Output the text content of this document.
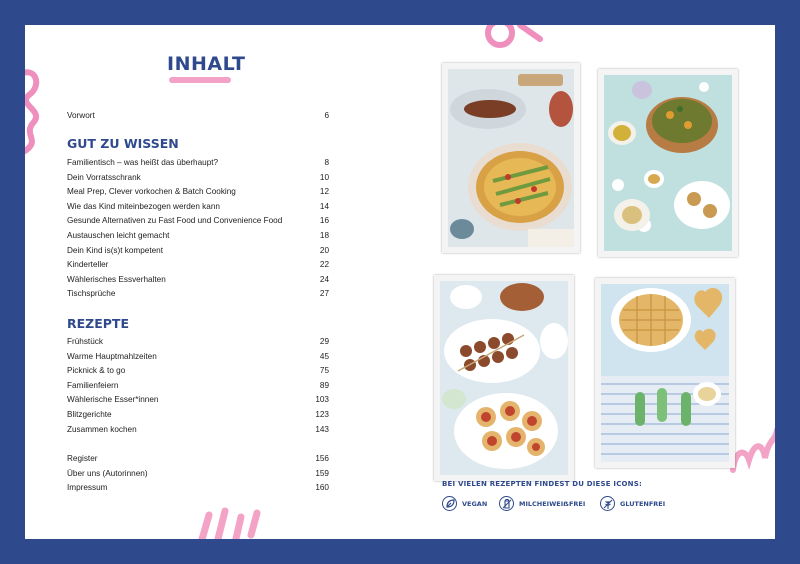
INHALT
Vorwort	6
GUT ZU WISSEN
Familientisch – was heißt das überhaupt?	8
Dein Vorratsschrank	10
Meal Prep, Clever vorkochen & Batch Cooking	12
Wie das Kind miteinbezogen werden kann	14
Gesunde Alternativen zu Fast Food und Convenience Food	16
Austauschen leicht gemacht	18
Dein Kind is(s)t kompetent	20
Kinderteller	22
Wählerisches Essverhalten	24
Tischsprüche	27
REZEPTE
Frühstück	29
Warme Hauptmahlzeiten	45
Picknick & to go	75
Familienfeiern	89
Wählerische Esser*innen	103
Blitzgerichte	123
Zusammen kochen	143
Register	156
Über uns (Autorinnen)	159
Impressum	160	BEI VIELEN REZEPTEN FINDEST DU DIESE ICONS:
VEGAN	MILCHEIWEIẞFREI	GLUTENFREI
